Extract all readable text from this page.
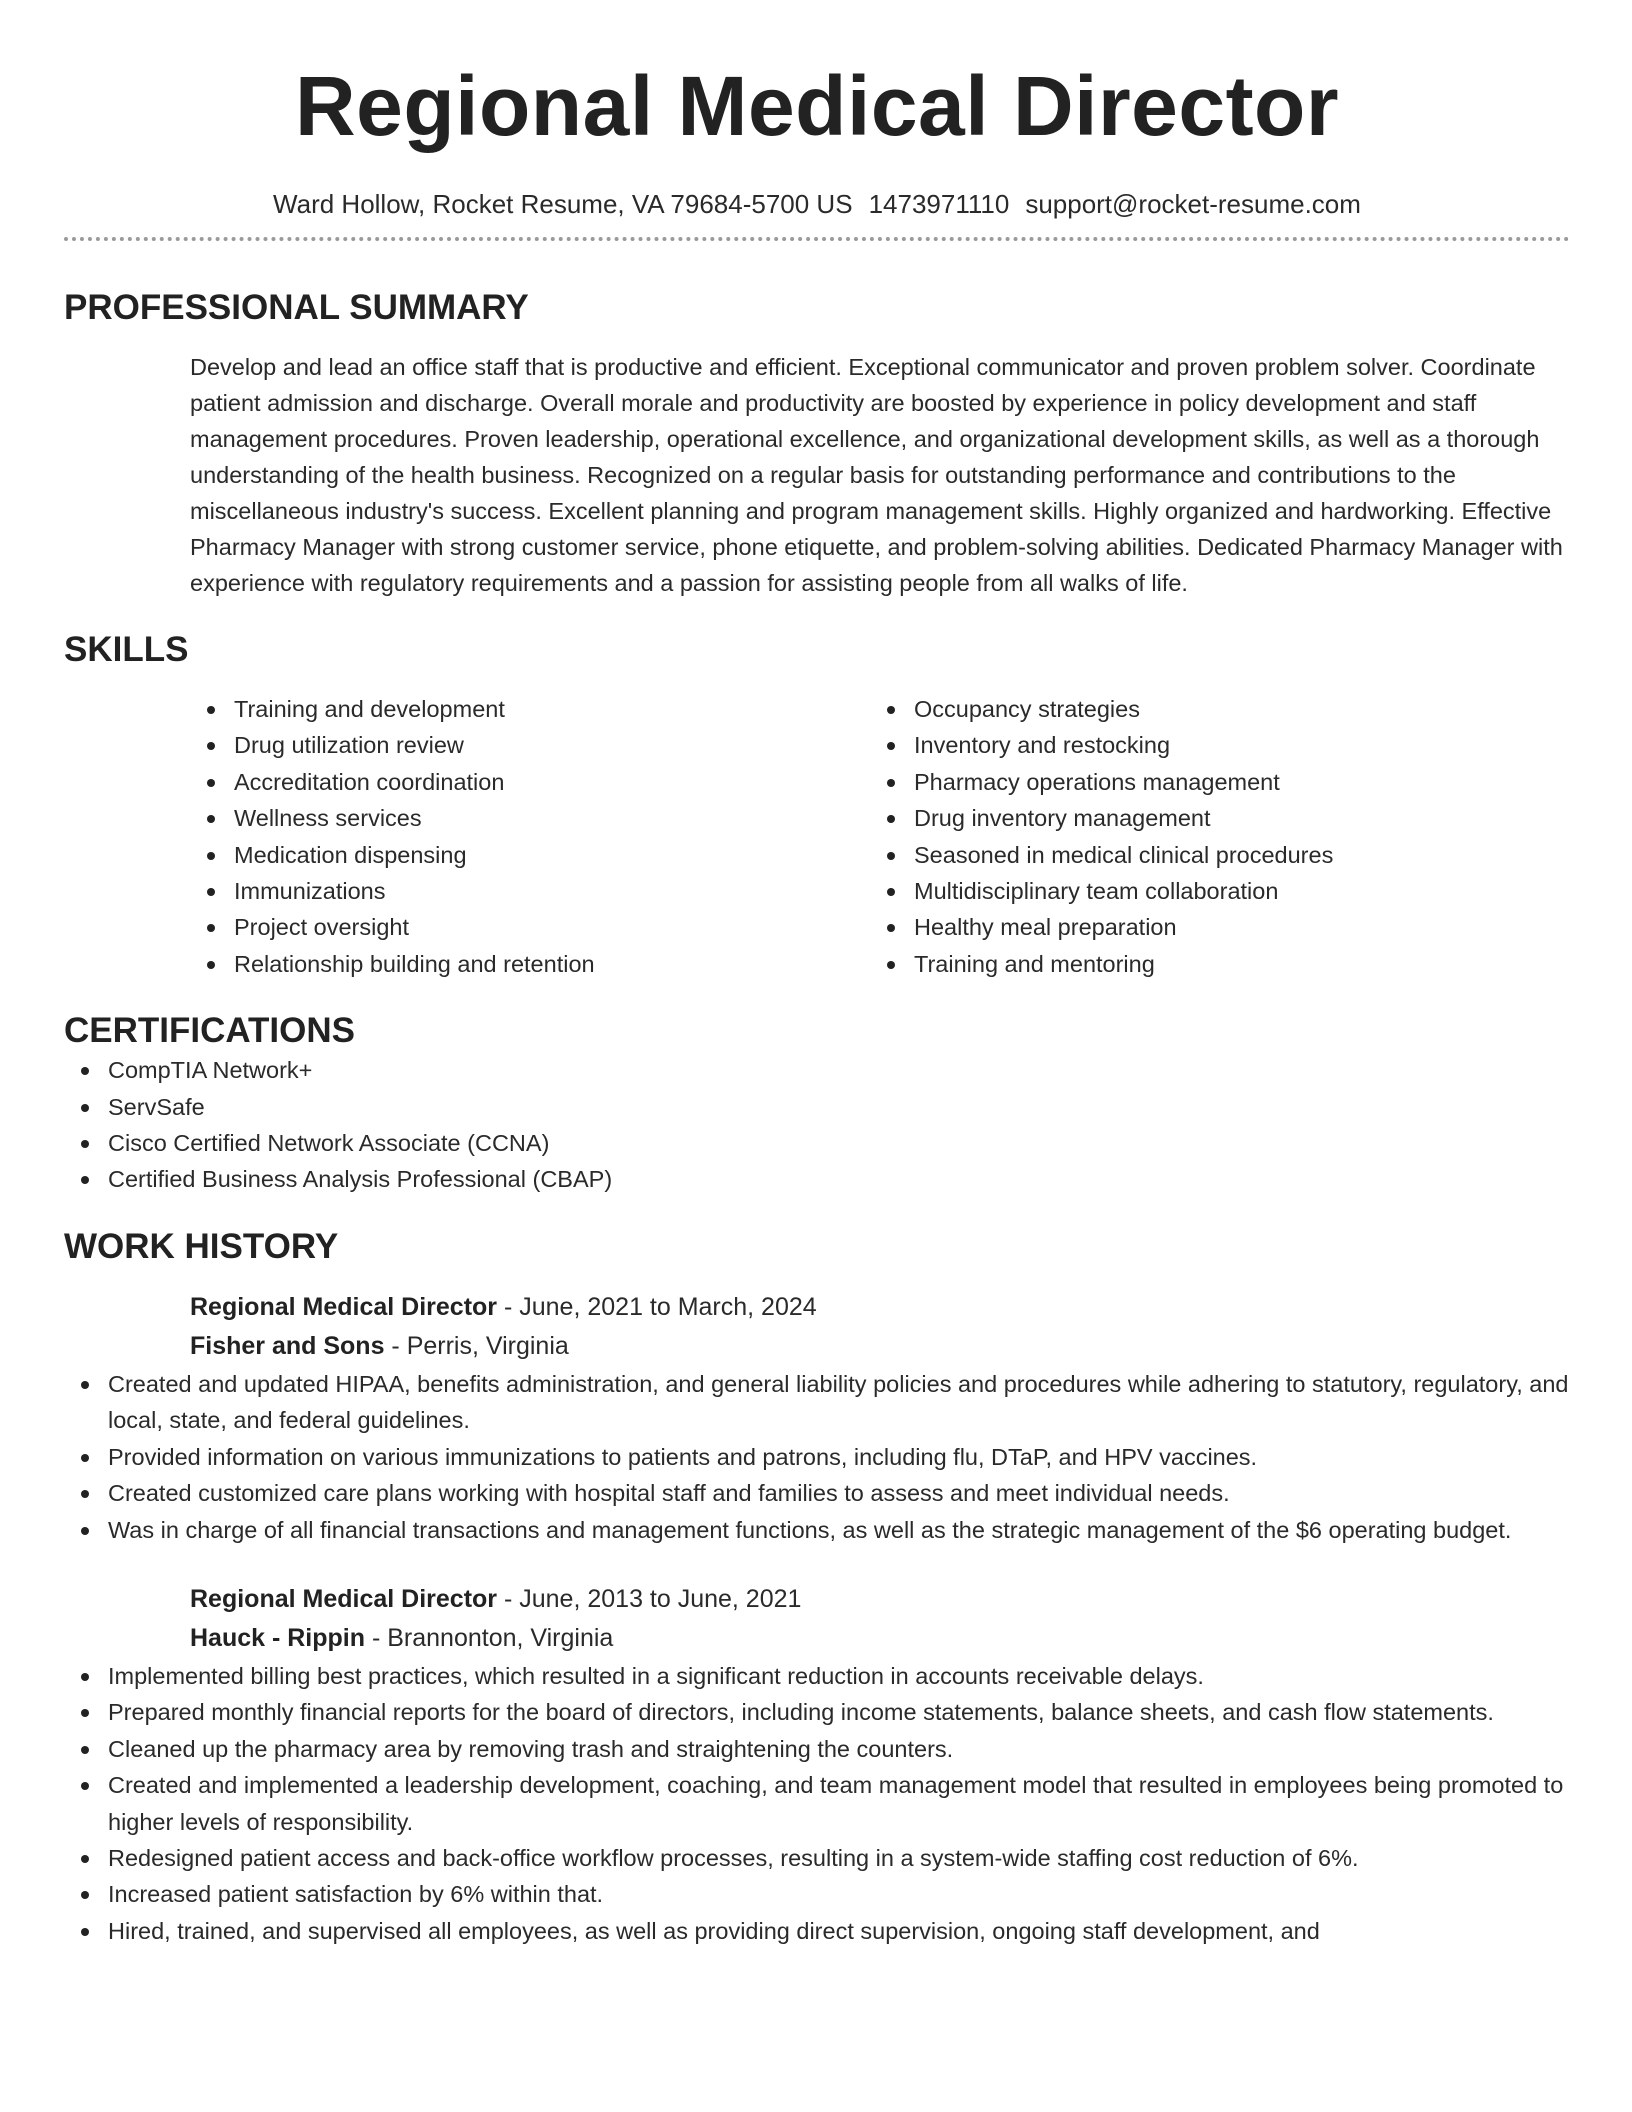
Regional Medical Director
Ward Hollow, Rocket Resume, VA 79684-5700 US 1473971110 support@rocket-resume.com
PROFESSIONAL SUMMARY
Develop and lead an office staff that is productive and efficient. Exceptional communicator and proven problem solver. Coordinate patient admission and discharge. Overall morale and productivity are boosted by experience in policy development and staff management procedures. Proven leadership, operational excellence, and organizational development skills, as well as a thorough understanding of the health business. Recognized on a regular basis for outstanding performance and contributions to the miscellaneous industry's success. Excellent planning and program management skills. Highly organized and hardworking. Effective Pharmacy Manager with strong customer service, phone etiquette, and problem-solving abilities. Dedicated Pharmacy Manager with experience with regulatory requirements and a passion for assisting people from all walks of life.
SKILLS
Training and development
Drug utilization review
Accreditation coordination
Wellness services
Medication dispensing
Immunizations
Project oversight
Relationship building and retention
Occupancy strategies
Inventory and restocking
Pharmacy operations management
Drug inventory management
Seasoned in medical clinical procedures
Multidisciplinary team collaboration
Healthy meal preparation
Training and mentoring
CERTIFICATIONS
CompTIA Network+
ServSafe
Cisco Certified Network Associate (CCNA)
Certified Business Analysis Professional (CBAP)
WORK HISTORY
Regional Medical Director - June, 2021 to March, 2024
Fisher and Sons - Perris, Virginia
Created and updated HIPAA, benefits administration, and general liability policies and procedures while adhering to statutory, regulatory, and local, state, and federal guidelines.
Provided information on various immunizations to patients and patrons, including flu, DTaP, and HPV vaccines.
Created customized care plans working with hospital staff and families to assess and meet individual needs.
Was in charge of all financial transactions and management functions, as well as the strategic management of the $6 operating budget.
Regional Medical Director - June, 2013 to June, 2021
Hauck - Rippin - Brannonton, Virginia
Implemented billing best practices, which resulted in a significant reduction in accounts receivable delays.
Prepared monthly financial reports for the board of directors, including income statements, balance sheets, and cash flow statements.
Cleaned up the pharmacy area by removing trash and straightening the counters.
Created and implemented a leadership development, coaching, and team management model that resulted in employees being promoted to higher levels of responsibility.
Redesigned patient access and back-office workflow processes, resulting in a system-wide staffing cost reduction of 6%.
Increased patient satisfaction by 6% within that.
Hired, trained, and supervised all employees, as well as providing direct supervision, ongoing staff development, and
